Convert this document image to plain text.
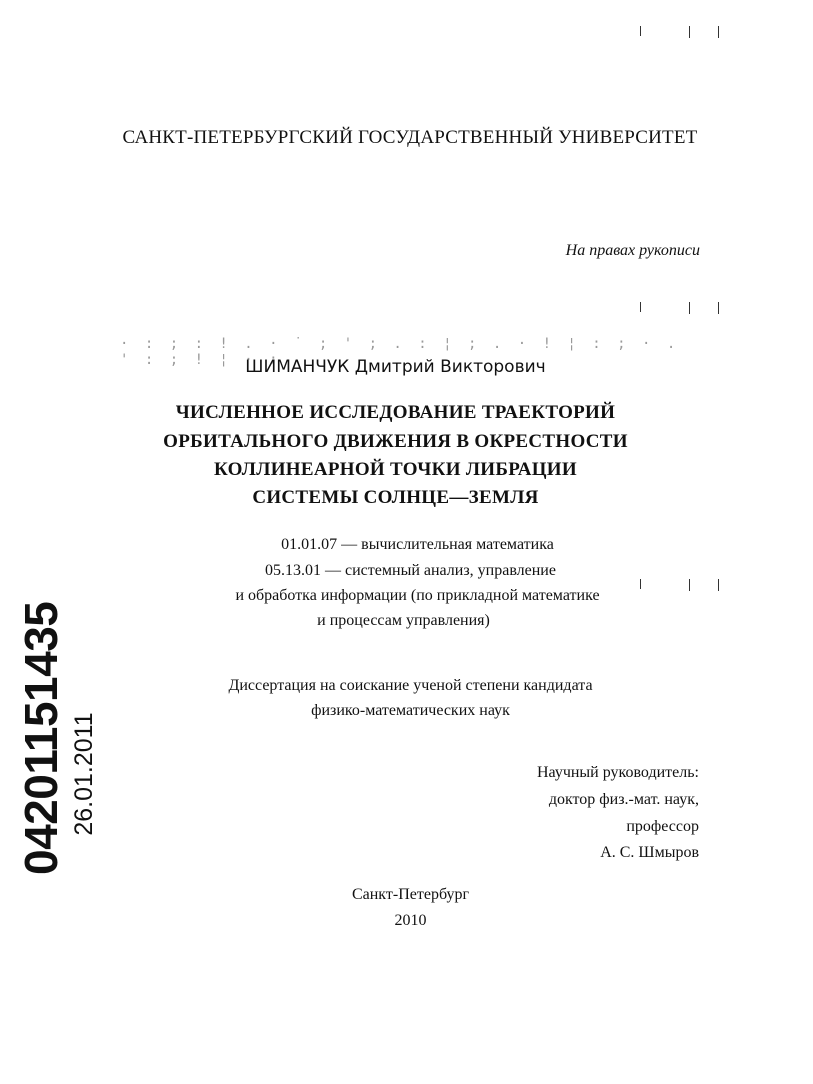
· : ; : ! . · ˙ ; ' ; . : ¦ ; . · ! ¦ : ; · . ' : ; ! ¦ · :
САНКТ-ПЕТЕРБУРГСКИЙ ГОСУДАРСТВЕННЫЙ УНИВЕРСИТЕТ
На правах рукописи
ШИМАНЧУК Дмитрий Викторович
ЧИСЛЕННОЕ ИССЛЕДОВАНИЕ ТРАЕКТОРИЙ
ОРБИТАЛЬНОГО ДВИЖЕНИЯ В ОКРЕСТНОСТИ
КОЛЛИНЕАРНОЙ ТОЧКИ ЛИБРАЦИИ
СИСТЕМЫ СОЛНЦЕ—ЗЕМЛЯ
01.01.07 — вычислительная математика
05.13.01 — системный анализ, управление
и обработка информации (по прикладной математике
и процессам управления)
Диссертация на соискание ученой степени кандидата
физико-математических наук
Научный руководитель:
доктор физ.-мат. наук,
профессор
А. С. Шмыров
Санкт-Петербург
2010
04201151435 26.01.2011
